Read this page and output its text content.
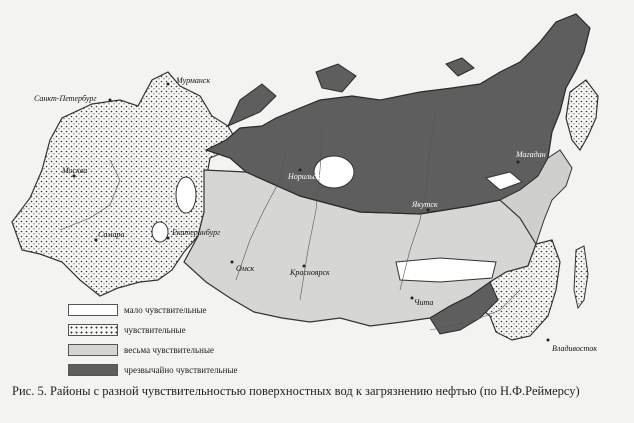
Мурманск
Санкт-Петербург
Москва
Самара	Екатеринбург
Омск	Красноярск
Норильск
Якутск
Магадан
Чита
Владивосток
мало чувствительные
чувствительные
весьма чувствительные
чрезвычайно чувствительные
Рис. 5. Районы с разной чувствительностью поверхностных вод к загрязнению нефтью (по Н.Ф.Реймерсу)
